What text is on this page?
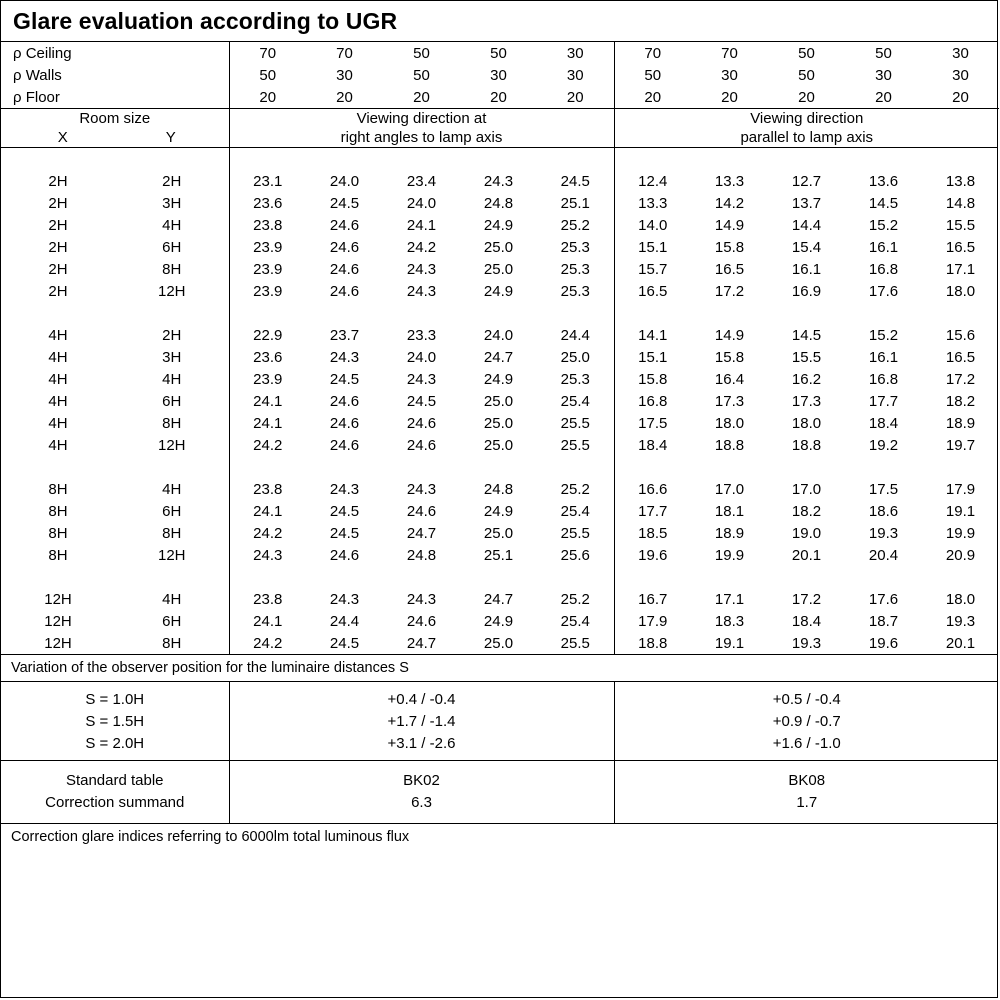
Glare evaluation according to UGR
ρ Ceiling	70	70	50	50	30	70	70	50	50	30
ρ Walls	50	30	50	30	30	50	30	50	30	30
ρ Floor	20	20	20	20	20	20	20	20	20	20
Room size
X	Y	
Viewing direction at
right angles to lamp axis

Viewing direction
parallel to lamp axis

2H	2H	23.1	24.0	23.4	24.3	24.5	12.4	13.3	12.7	13.6	13.8
2H	3H	23.6	24.5	24.0	24.8	25.1	13.3	14.2	13.7	14.5	14.8
2H	4H	23.8	24.6	24.1	24.9	25.2	14.0	14.9	14.4	15.2	15.5
2H	6H	23.9	24.6	24.2	25.0	25.3	15.1	15.8	15.4	16.1	16.5
2H	8H	23.9	24.6	24.3	25.0	25.3	15.7	16.5	16.1	16.8	17.1
2H	12H	23.9	24.6	24.3	24.9	25.3	16.5	17.2	16.9	17.6	18.0

4H	2H	22.9	23.7	23.3	24.0	24.4	14.1	14.9	14.5	15.2	15.6
4H	3H	23.6	24.3	24.0	24.7	25.0	15.1	15.8	15.5	16.1	16.5
4H	4H	23.9	24.5	24.3	24.9	25.3	15.8	16.4	16.2	16.8	17.2
4H	6H	24.1	24.6	24.5	25.0	25.4	16.8	17.3	17.3	17.7	18.2
4H	8H	24.1	24.6	24.6	25.0	25.5	17.5	18.0	18.0	18.4	18.9
4H	12H	24.2	24.6	24.6	25.0	25.5	18.4	18.8	18.8	19.2	19.7

8H	4H	23.8	24.3	24.3	24.8	25.2	16.6	17.0	17.0	17.5	17.9
8H	6H	24.1	24.5	24.6	24.9	25.4	17.7	18.1	18.2	18.6	19.1
8H	8H	24.2	24.5	24.7	25.0	25.5	18.5	18.9	19.0	19.3	19.9
8H	12H	24.3	24.6	24.8	25.1	25.6	19.6	19.9	20.1	20.4	20.9

12H	4H	23.8	24.3	24.3	24.7	25.2	16.7	17.1	17.2	17.6	18.0
12H	6H	24.1	24.4	24.6	24.9	25.4	17.9	18.3	18.4	18.7	19.3
12H	8H	24.2	24.5	24.7	25.0	25.5	18.8	19.1	19.3	19.6	20.1
Variation of the observer position for the luminaire distances S
S = 1.0H	+0.4 / -0.4	+0.5 / -0.4
S = 1.5H	+1.7 / -1.4	+0.9 / -0.7
S = 2.0H	+3.1 / -2.6	+1.6 / -1.0
Standard table	BK02	BK08
Correction summand	6.3	1.7
Correction glare indices referring to 6000lm total luminous flux
